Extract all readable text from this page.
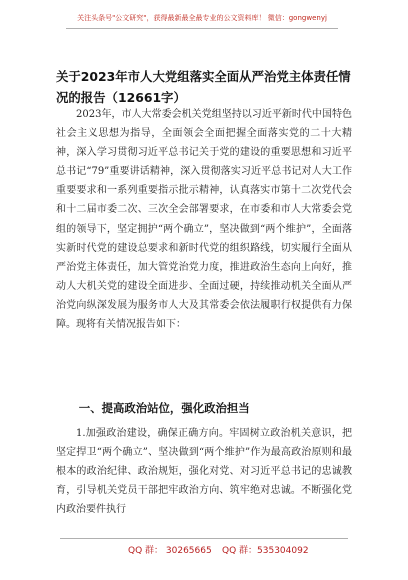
关注头条号"公文研究"，获得最新最全最专业的公文资料库！ 微信：gongwenyj
关于2023年市人大党组落实全面从严治党主体责任情况的报告（12661字）

2023年，市人大常委会机关党组坚持以习近平新时代中国特色社会主义思想为指导，全面领会全面把握全面落实党的二十大精神，深入学习贯彻习近平总书记关于党的建设的重要思想和习近平总书记“79”重要讲话精神，深入贯彻落实习近平总书记对人大工作重要要求和一系列重要指示批示精神，认真落实市第十二次党代会和十二届市委二次、三次全会部署要求，在市委和市人大常委会党组的领导下，坚定拥护“两个确立”，坚决做到“两个维护”，全面落实新时代党的建设总要求和新时代党的组织路线，切实履行全面从严治党主体责任，加大管党治党力度，推进政治生态向上向好，推动人大机关党的建设全面进步、全面过硬，持续推动机关全面从严治党向纵深发展为服务市人大及其常委会依法履职行权提供有力保障。现将有关情况报告如下：

一、提高政治站位，强化政治担当

1.加强政治建设，确保正确方向。牢固树立政治机关意识，把坚定捍卫“两个确立”、坚决做到“两个维护”作为最高政治原则和最根本的政治纪律、政治规矩，强化对党、对习近平总书记的忠诚教育，引导机关党员干部把牢政治方向、筑牢绝对忠诚。不断强化党内政治要件执行

QQ 群： 30265665 QQ 群：535304092
